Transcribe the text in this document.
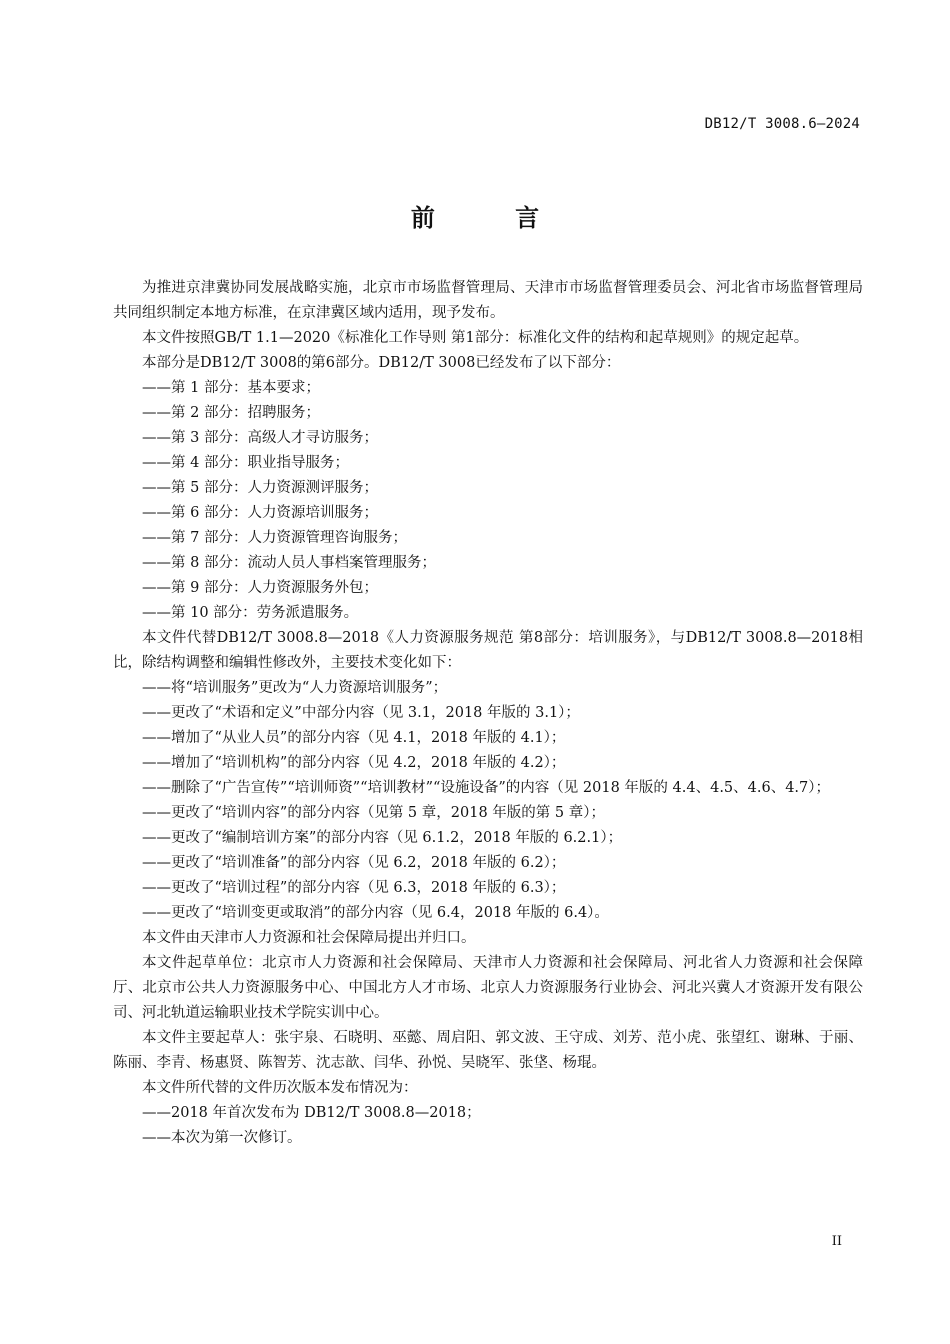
DB12/T 3008.6—2024
前 言

为推进京津冀协同发展战略实施，北京市市场监督管理局、天津市市场监督管理委员会、河北省市场监督管理局共同组织制定本地方标准，在京津冀区域内适用，现予发布。

本文件按照GB/T 1.1—2020《标准化工作导则 第1部分：标准化文件的结构和起草规则》的规定起草。

本部分是DB12/T 3008的第6部分。DB12/T 3008已经发布了以下部分：

——第 1 部分：基本要求；

——第 2 部分：招聘服务；

——第 3 部分：高级人才寻访服务；

——第 4 部分：职业指导服务；

——第 5 部分：人力资源测评服务；

——第 6 部分：人力资源培训服务；

——第 7 部分：人力资源管理咨询服务；

——第 8 部分：流动人员人事档案管理服务；

——第 9 部分：人力资源服务外包；

——第 10 部分：劳务派遣服务。

本文件代替DB12/T 3008.8—2018《人力资源服务规范 第8部分：培训服务》，与DB12/T 3008.8—2018相比，除结构调整和编辑性修改外，主要技术变化如下：

——将“培训服务”更改为“人力资源培训服务”；

——更改了“术语和定义”中部分内容（见 3.1，2018 年版的 3.1）；

——增加了“从业人员”的部分内容（见 4.1，2018 年版的 4.1）；

——增加了“培训机构”的部分内容（见 4.2，2018 年版的 4.2）；

——删除了“广告宣传”“培训师资”“培训教材”“设施设备”的内容（见 2018 年版的 4.4、4.5、4.6、4.7）；

——更改了“培训内容”的部分内容（见第 5 章，2018 年版的第 5 章）；

——更改了“编制培训方案”的部分内容（见 6.1.2，2018 年版的 6.2.1）；

——更改了“培训准备”的部分内容（见 6.2，2018 年版的 6.2）；

——更改了“培训过程”的部分内容（见 6.3，2018 年版的 6.3）；

——更改了“培训变更或取消”的部分内容（见 6.4，2018 年版的 6.4）。

本文件由天津市人力资源和社会保障局提出并归口。

本文件起草单位：北京市人力资源和社会保障局、天津市人力资源和社会保障局、河北省人力资源和社会保障厅、北京市公共人力资源服务中心、中国北方人才市场、北京人力资源服务行业协会、河北兴冀人才资源开发有限公司、河北轨道运输职业技术学院实训中心。

本文件主要起草人：张宇泉、石晓明、巫懿、周启阳、郭文波、王守成、刘芳、范小虎、张望红、谢琳、于丽、陈丽、李青、杨惠贤、陈智芳、沈志歆、闫华、孙悦、吴晓军、张垡、杨琨。

本文件所代替的文件历次版本发布情况为：

——2018 年首次发布为 DB12/T 3008.8—2018；

——本次为第一次修订。

II
